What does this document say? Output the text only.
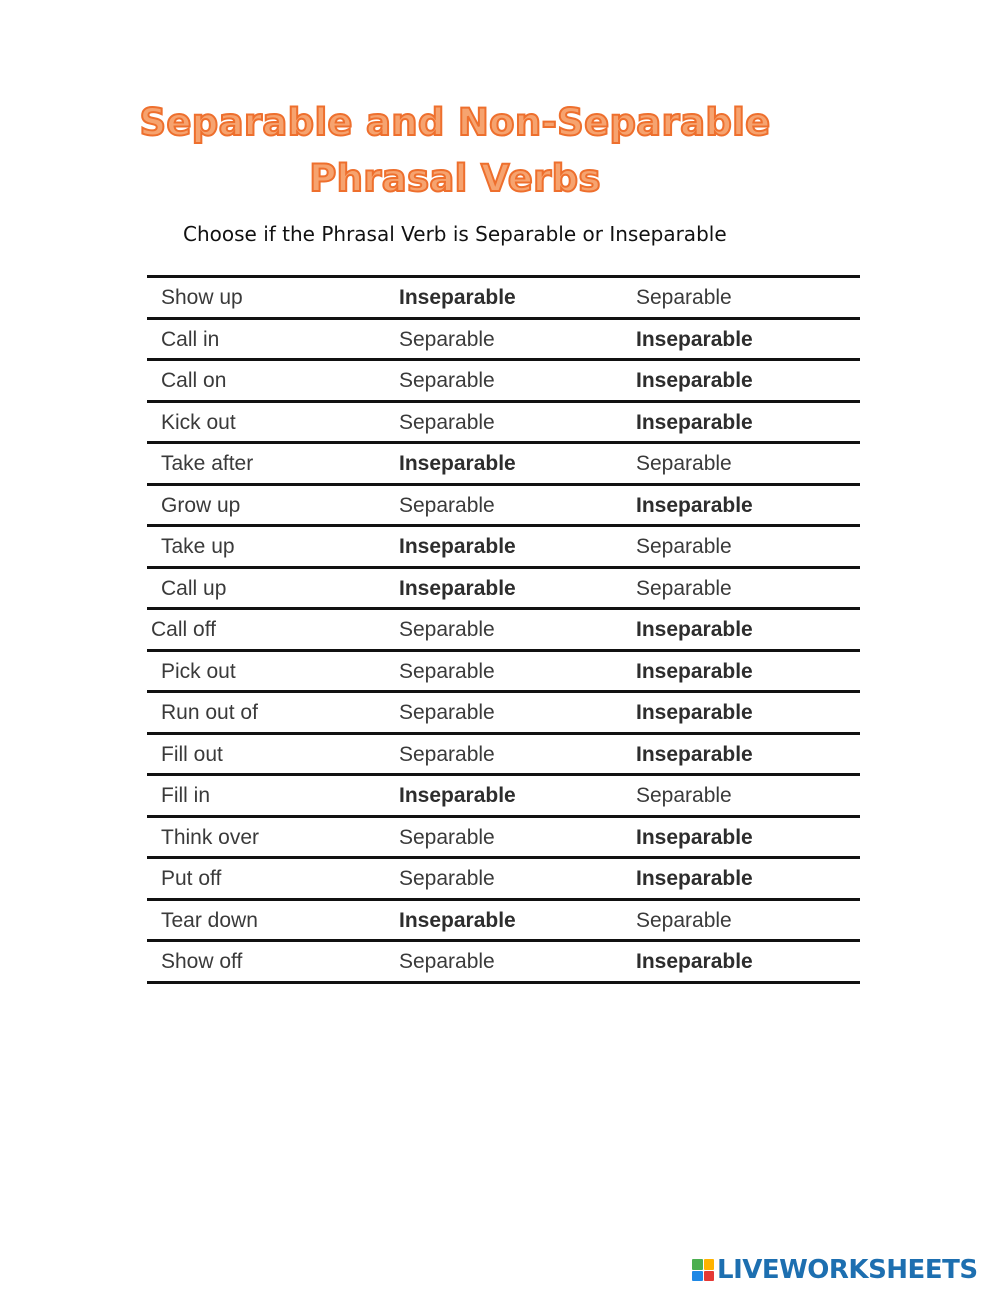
Separable and Non-Separable
Phrasal Verbs
Choose if the Phrasal Verb is Separable or Inseparable
Show up	Inseparable	Separable
Call in	Separable	Inseparable
Call on	Separable	Inseparable
Kick out	Separable	Inseparable
Take after	Inseparable	Separable
Grow up	Separable	Inseparable
Take up	Inseparable	Separable
Call up	Inseparable	Separable
Call off	Separable	Inseparable
Pick out	Separable	Inseparable
Run out of	Separable	Inseparable
Fill out	Separable	Inseparable
Fill in	Inseparable	Separable
Think over	Separable	Inseparable
Put off	Separable	Inseparable
Tear down	Inseparable	Separable
Show off	Separable	Inseparable
LIVEWORKSHEETS
